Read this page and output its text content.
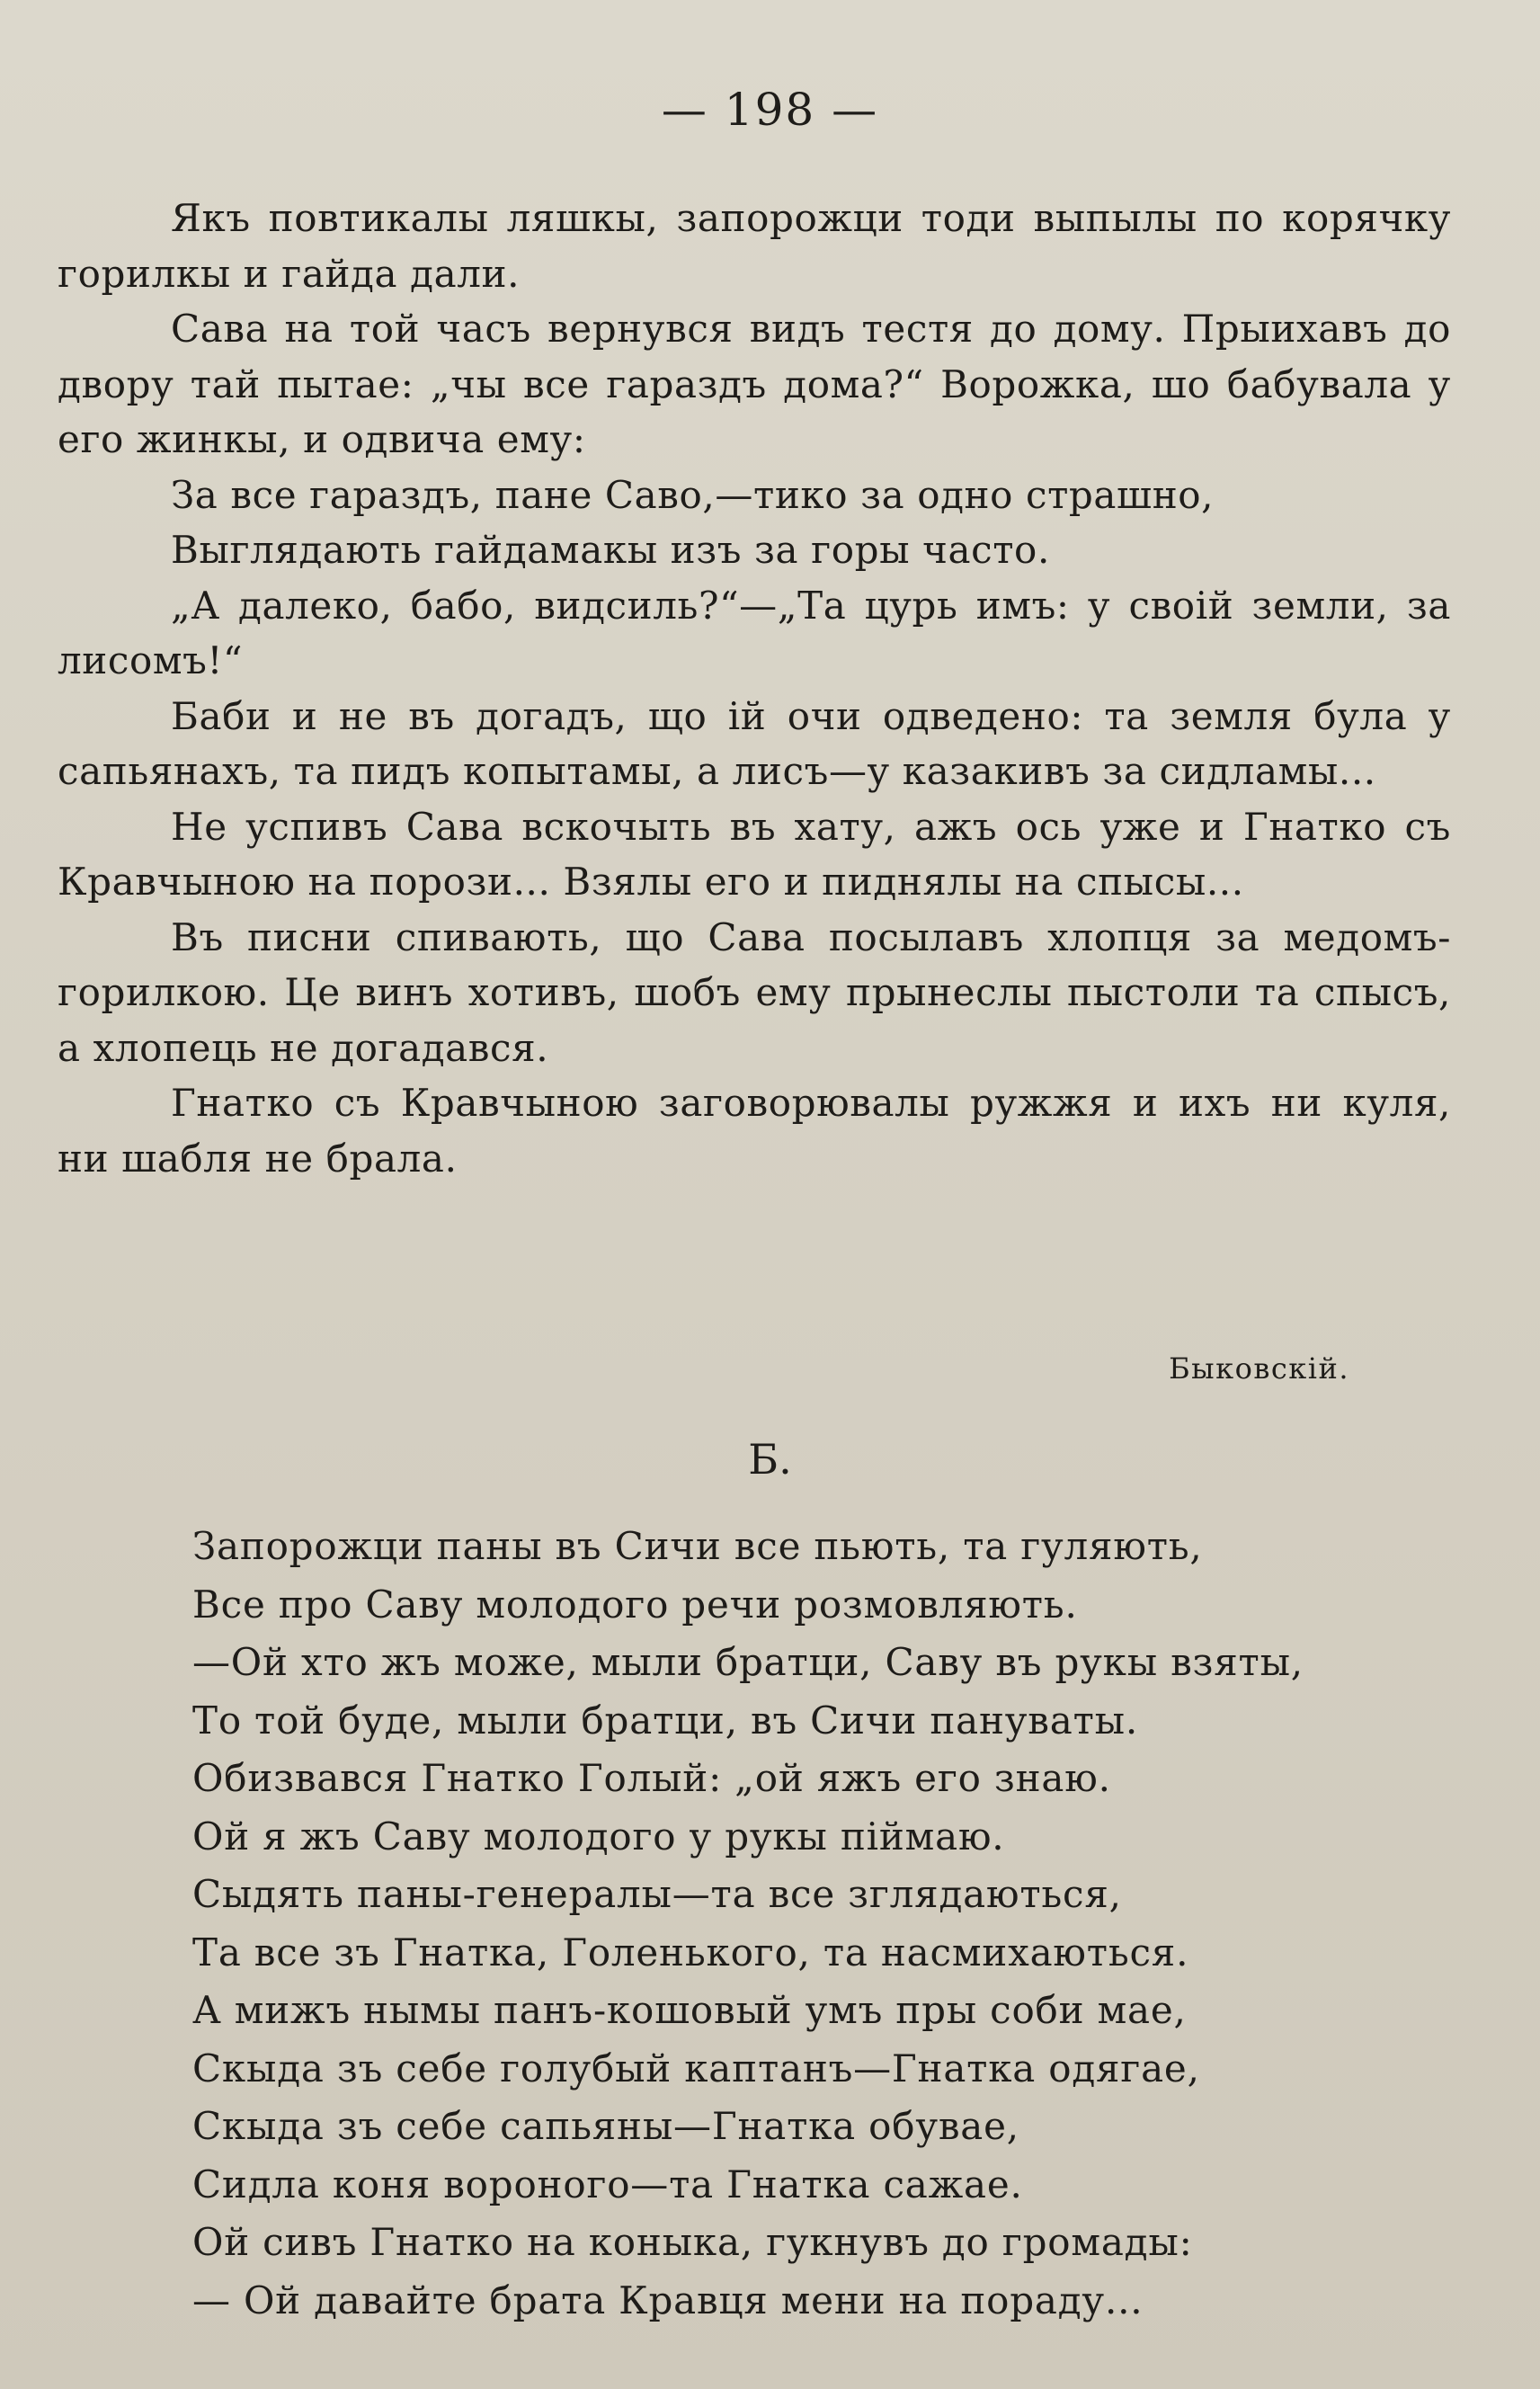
— 198 —

Якъ повтикалы ляшкы, запорожци тоди выпылы по корячку горилкы и гайда дали.

Сава на той часъ вернувся видъ тестя до дому. Прыихавъ до двору тай пытае: „чы все гараздъ дома?“ Ворожка, шо бабувала у его жинкы, и одвича ему:

За все гараздъ, пане Саво,—тико за одно страшно,

Выглядають гайдамакы изъ за горы часто.

„А далеко, бабо, видсиль?“—„Та цурь имъ: у своій земли, за лисомъ!“

Баби и не въ догадъ, що ій очи одведено: та земля була у сапьянахъ, та пидъ копытамы, а лисъ—у казакивъ за сидламы...

Не успивъ Сава вскочыть въ хату, ажъ ось уже и Гнатко съ Кравчыною на порози... Взялы его и пиднялы на спысы...

Въ писни спивають, що Сава посылавъ хлопця за медомъ-горилкою. Це винъ хотивъ, шобъ ему прынеслы пыстоли та спысъ, а хлопець не догадався.

Гнатко съ Кравчыною заговорювалы ружжя и ихъ ни куля, ни шабля не брала.

Быковскій.
Б.
Запорожци паны въ Сичи все пьють, та гуляють,
Все про Саву молодого речи розмовляють.
—Ой хто жъ може, мыли братци, Саву въ рукы взяты,
То той буде, мыли братци, въ Сичи пануваты.
Обизвався Гнатко Голый: „ой яжъ его знаю.
Ой я жъ Саву молодого у рукы піймаю.
Сыдять паны-генералы—та все зглядаються,
Та все зъ Гнатка, Голенького, та насмихаються.
А мижъ нымы панъ-кошовый умъ пры соби мае,
Скыда зъ себе голубый каптанъ—Гнатка одягае,
Скыда зъ себе сапьяны—Гнатка обувае,
Сидла коня вороного—та Гнатка сажае.
Ой сивъ Гнатко на коныка, гукнувъ до громады:
— Ой давайте брата Кравця мени на пораду...
